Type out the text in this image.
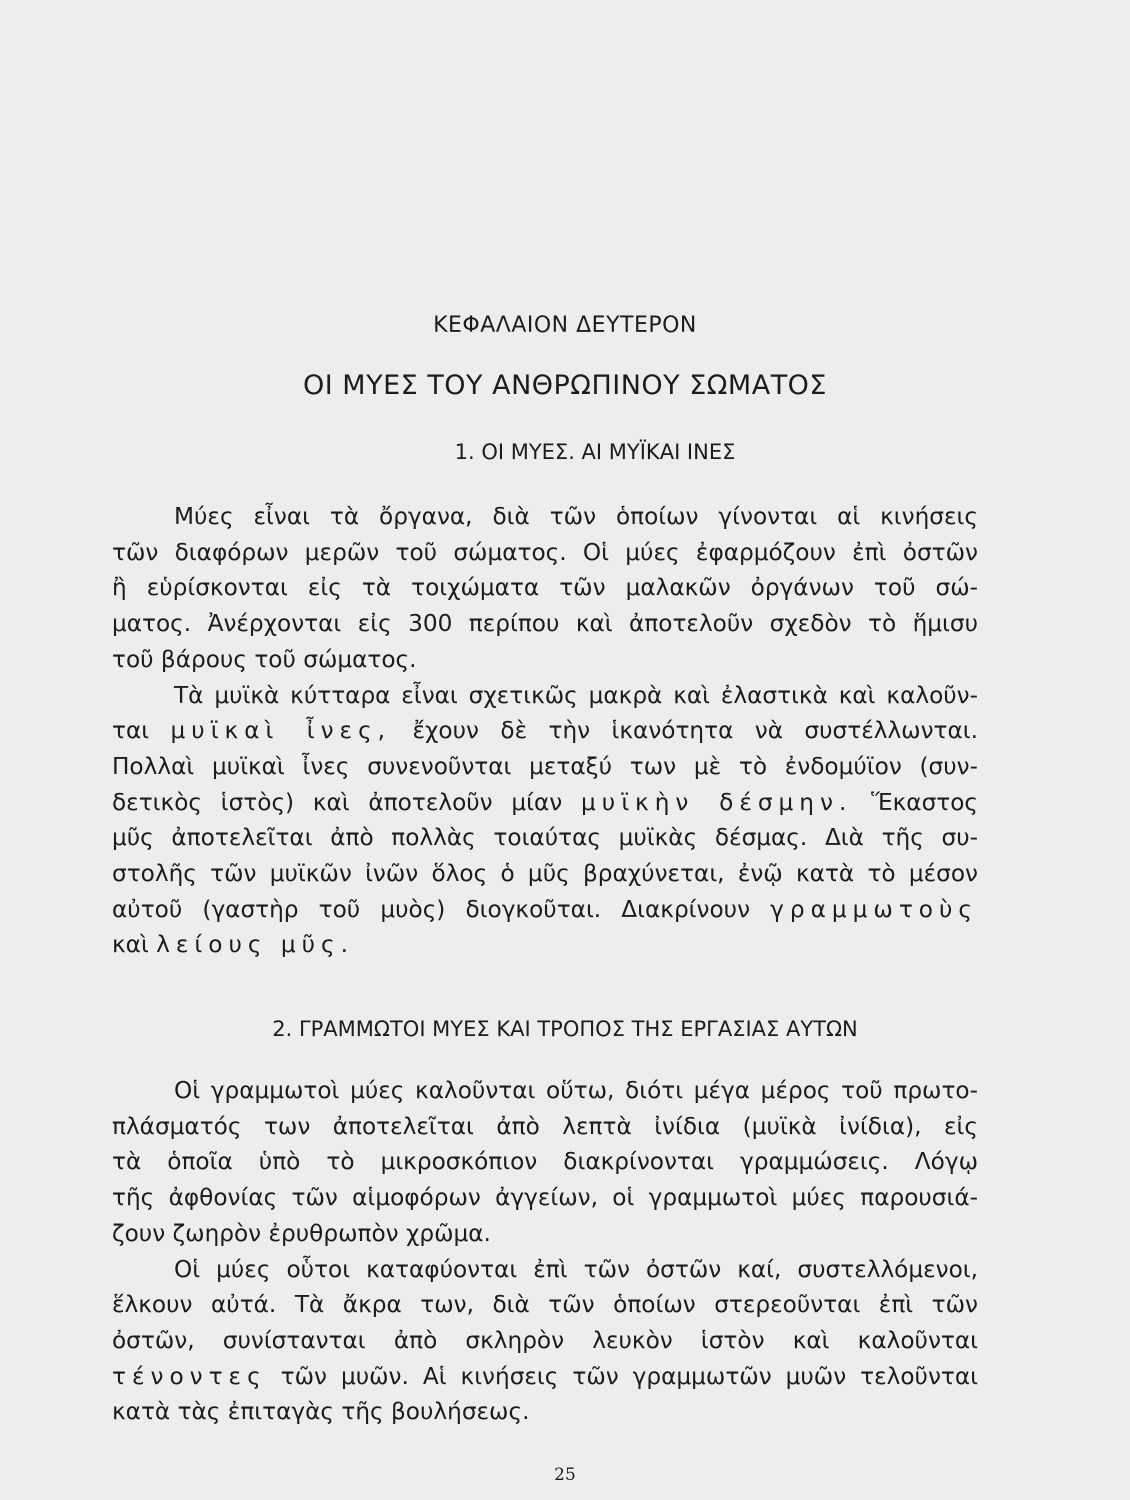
ΚΕΦΑΛΑΙΟΝ ΔΕΥΤΕΡΟΝ
ΟΙ ΜΥΕΣ ΤΟΥ ΑΝΘΡΩΠΙΝΟΥ ΣΩΜΑΤΟΣ
1. ΟΙ ΜΥΕΣ. ΑΙ ΜΥΪΚΑΙ ΙΝΕΣ

Μύες εἶναι τὰ ὄργανα, διὰ τῶν ὁποίων γίνονται αἱ κινήσεις
τῶν διαφόρων μερῶν τοῦ σώματος. Οἱ μύες ἐφαρμόζουν ἐπὶ ὀστῶν
ἢ εὑρίσκονται εἰς τὰ τοιχώματα τῶν μαλακῶν ὀργάνων τοῦ σώ-
ματος. Ἀνέρχονται εἰς 300 περίπου καὶ ἀποτελοῦν σχεδὸν τὸ ἥμισυ
τοῦ βάρους τοῦ σώματος.

Τὰ μυϊκὰ κύτταρα εἶναι σχετικῶς μακρὰ καὶ ἐλαστικὰ καὶ καλοῦν-
ται μυϊκαὶ ἶνες, ἔχουν δὲ τὴν ἱκανότητα νὰ συστέλλωνται.
Πολλαὶ μυϊκαὶ ἶνες συνενοῦνται μεταξύ των μὲ τὸ ἐνδομύϊον (συν-
δετικὸς ἱστὸς) καὶ ἀποτελοῦν μίαν μυϊκὴν δέσμην. Ἕκαστος
μῦς ἀποτελεῖται ἀπὸ πολλὰς τοιαύτας μυϊκὰς δέσμας. Διὰ τῆς συ-
στολῆς τῶν μυϊκῶν ἰνῶν ὅλος ὁ μῦς βραχύνεται, ἐνῷ κατὰ τὸ μέσον
αὐτοῦ (γαστὴρ τοῦ μυὸς) διογκοῦται. Διακρίνουν γραμμωτοὺς
καὶ λείους μῦς.

2. ΓΡΑΜΜΩΤΟΙ ΜΥΕΣ ΚΑΙ ΤΡΟΠΟΣ ΤΗΣ ΕΡΓΑΣΙΑΣ ΑΥΤΩΝ

Οἱ γραμμωτοὶ μύες καλοῦνται οὕτω, διότι μέγα μέρος τοῦ πρωτο-
πλάσματός των ἀποτελεῖται ἀπὸ λεπτὰ ἰνίδια (μυϊκὰ ἰνίδια), εἰς
τὰ ὁποῖα ὑπὸ τὸ μικροσκόπιον διακρίνονται γραμμώσεις. Λόγῳ
τῆς ἀφθονίας τῶν αἱμοφόρων ἀγγείων, οἱ γραμμωτοὶ μύες παρουσιά-
ζουν ζωηρὸν ἐρυθρωπὸν χρῶμα.

Οἱ μύες οὗτοι καταφύονται ἐπὶ τῶν ὀστῶν καί, συστελλόμενοι,
ἕλκουν αὐτά. Τὰ ἄκρα των, διὰ τῶν ὁποίων στερεοῦνται ἐπὶ τῶν
ὀστῶν, συνίστανται ἀπὸ σκληρὸν λευκὸν ἱστὸν καὶ καλοῦνται
τένοντες τῶν μυῶν. Αἱ κινήσεις τῶν γραμμωτῶν μυῶν τελοῦνται
κατὰ τὰς ἐπιταγὰς τῆς βουλήσεως.

25
